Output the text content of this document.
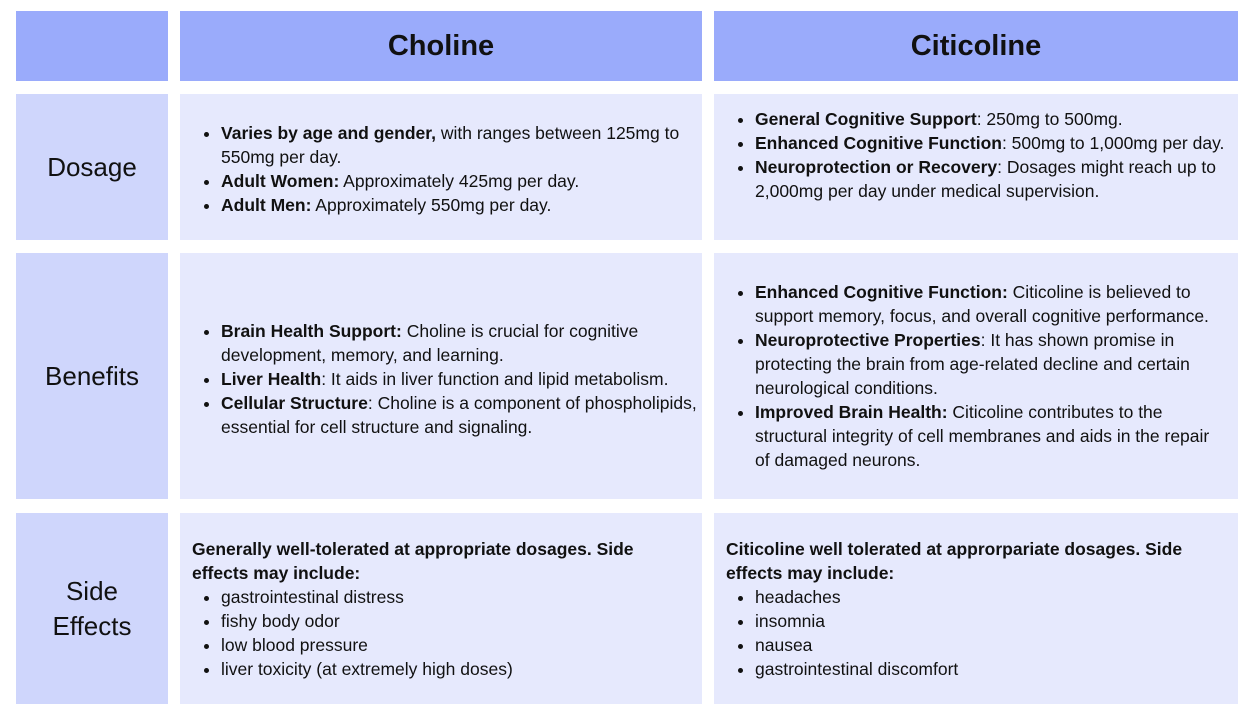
Choline	Citicoline
Dosage
• Varies by age and gender, with ranges between 125mg to 550mg per day.
• Adult Women: Approximately 425mg per day.
• Adult Men: Approximately 550mg per day.
• General Cognitive Support: 250mg to 500mg.
• Enhanced Cognitive Function: 500mg to 1,000mg per day.
• Neuroprotection or Recovery: Dosages might reach up to 2,000mg per day under medical supervision.
Benefits
• Brain Health Support: Choline is crucial for cognitive development, memory, and learning.
• Liver Health: It aids in liver function and lipid metabolism.
• Cellular Structure: Choline is a component of phospholipids, essential for cell structure and signaling.
• Enhanced Cognitive Function: Citicoline is believed to support memory, focus, and overall cognitive performance.
• Neuroprotective Properties: It has shown promise in protecting the brain from age-related decline and certain neurological conditions.
• Improved Brain Health: Citicoline contributes to the structural integrity of cell membranes and aids in the repair of damaged neurons.
Side
Effects
Generally well-tolerated at appropriate dosages. Side effects may include:
• gastrointestinal distress
• fishy body odor
• low blood pressure
• liver toxicity (at extremely high doses)
Citicoline well tolerated at approrpariate dosages. Side effects may include:
• headaches
• insomnia
• nausea
• gastrointestinal discomfort
